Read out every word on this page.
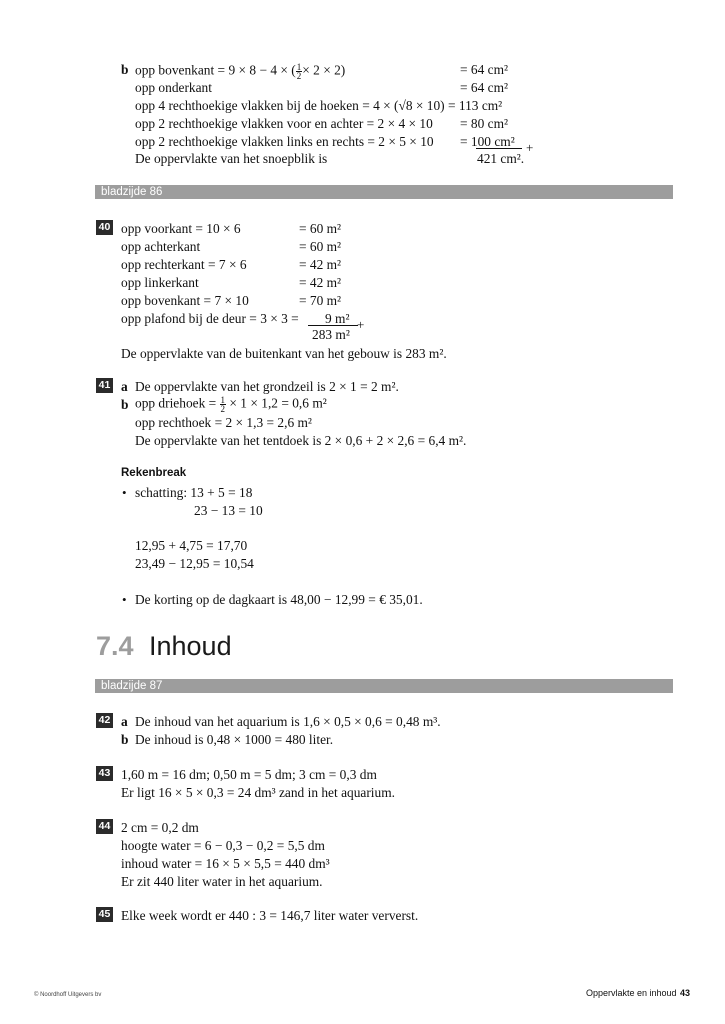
b opp bovenkant = 9 × 8 − 4 × ( $\frac{1}{2} \times 2 \times 2$)	= 64 cm²
opp onderkant	= 64 cm²
opp 4 rechthoekige vlakken bij de hoeken = 4 × (√8 × 10) = 113 cm²
opp 2 rechthoekige vlakken voor en achter = 2 × 4 × 10 = 80 cm²
opp 2 rechthoekige vlakken links en rechts = 2 × 5 × 10 = 100 cm² +
De oppervlakte van het snoepblik is	421 cm².
bladzijde 86
40 opp voorkant = 10 × 6	= 60 m²
opp achterkant	= 60 m²
opp rechterkant = 7 × 6	= 42 m²
opp linkerkant	= 42 m²
opp bovenkant = 7 × 10	= 70 m²
opp plafond bij de deur = 3 × 3 = 9 m² +
283 m²
De oppervlakte van de buitenkant van het gebouw is 283 m².
41 a De oppervlakte van het grondzeil is 2 × 1 = 2 m².
b opp driehoek = $\frac{1}{2} \times 1 \times 1,2 = 0,6$ m²
opp rechthoek = 2 × 1,3 = 2,6 m²
De oppervlakte van het tentdoek is 2 × 0,6 + 2 × 2,6 = 6,4 m².
Rekenbreak
• schatting: 13 + 5 = 18
23 − 13 = 10
12,95 + 4,75 = 17,70
23,49 − 12,95 = 10,54
• De korting op de dagkaart is 48,00 − 12,99 = € 35,01.
7.4 Inhoud
bladzijde 87
42 a De inhoud van het aquarium is 1,6 × 0,5 × 0,6 = 0,48 m³.
b De inhoud is 0,48 × 1000 = 480 liter.
43 1,60 m = 16 dm; 0,50 m = 5 dm; 3 cm = 0,3 dm
Er ligt 16 × 5 × 0,3 = 24 dm³ zand in het aquarium.
44 2 cm = 0,2 dm
hoogte water = 6 − 0,3 − 0,2 = 5,5 dm
inhoud water = 16 × 5 × 5,5 = 440 dm³
Er zit 440 liter water in het aquarium.
45 Elke week wordt er 440 : 3 = 146,7 liter water ververst.
© Noordhoff Uitgevers bv	Oppervlakte en inhoud 43
